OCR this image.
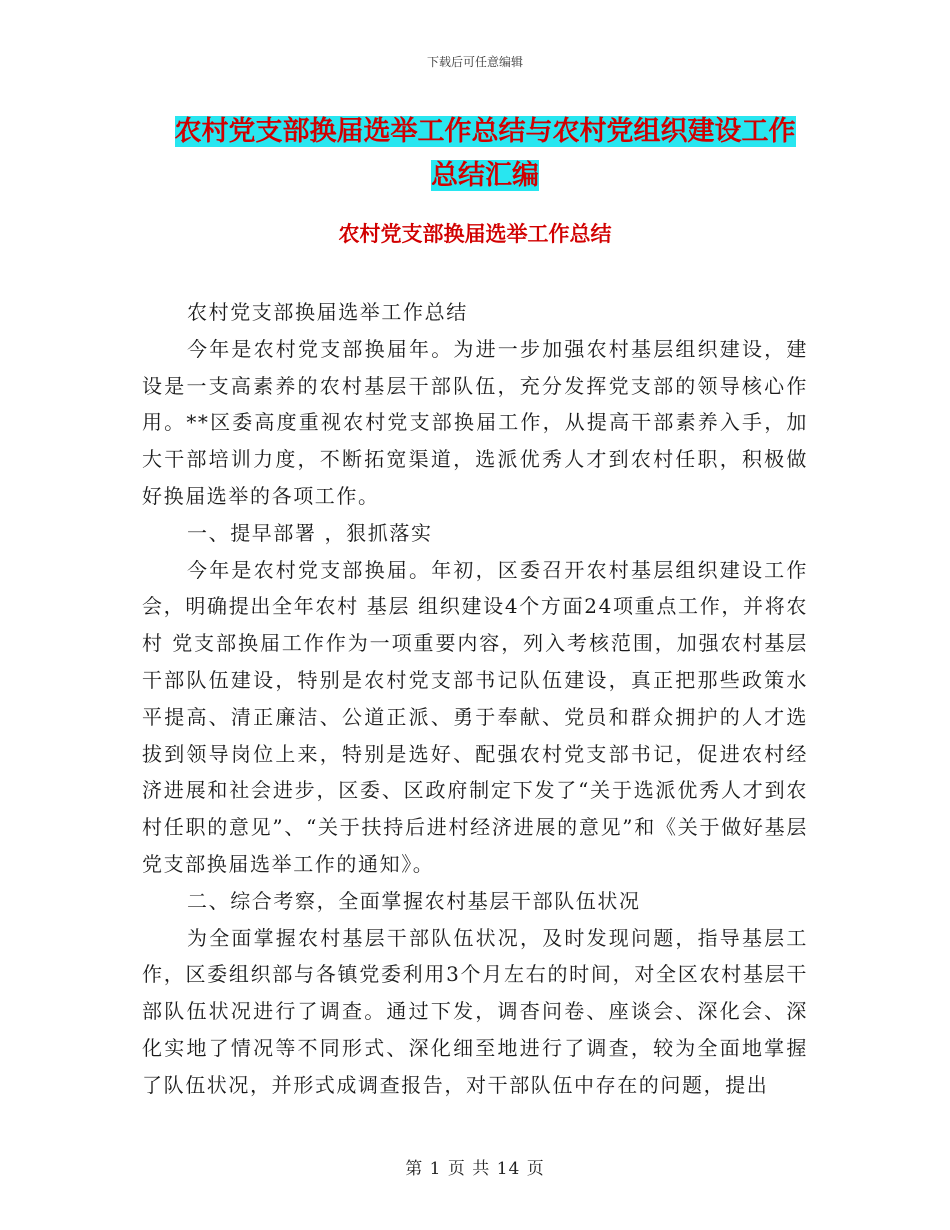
下载后可任意编辑
农村党支部换届选举工作总结与农村党组织建设工作
总结汇编
农村党支部换届选举工作总结

农村党支部换届选举工作总结

今年是农村党支部换届年。为进一步加强农村基层组织建设，建设是一支高素养的农村基层干部队伍，充分发挥党支部的领导核心作用。**区委高度重视农村党支部换届工作，从提高干部素养入手，加大干部培训力度，不断拓宽渠道，选派优秀人才到农村任职，积极做好换届选举的各项工作。

一、提早部署 ，狠抓落实

今年是农村党支部换届。年初，区委召开农村基层组织建设工作会，明确提出全年农村 基层 组织建设4个方面24项重点工作，并将农村 党支部换届工作作为一项重要内容，列入考核范围，加强农村基层干部队伍建设，特别是农村党支部书记队伍建设，真正把那些政策水平提高、清正廉洁、公道正派、勇于奉献、党员和群众拥护的人才选拔到领导岗位上来，特别是选好、配强农村党支部书记，促进农村经济进展和社会进步，区委、区政府制定下发了“关于选派优秀人才到农村任职的意见”、“关于扶持后进村经济进展的意见”和《关于做好基层党支部换届选举工作的通知》。

二、综合考察，全面掌握农村基层干部队伍状况

为全面掌握农村基层干部队伍状况，及时发现问题，指导基层工作，区委组织部与各镇党委利用3个月左右的时间，对全区农村基层干部队伍状况进行了调查。通过下发，调杳问卷、座谈会、深化会、深化实地了情况等不同形式、深化细至地进行了调查，较为全面地掌握了队伍状况，并形式成调查报告，对干部队伍中存在的问题，提出

第 1 页 共 14 页
